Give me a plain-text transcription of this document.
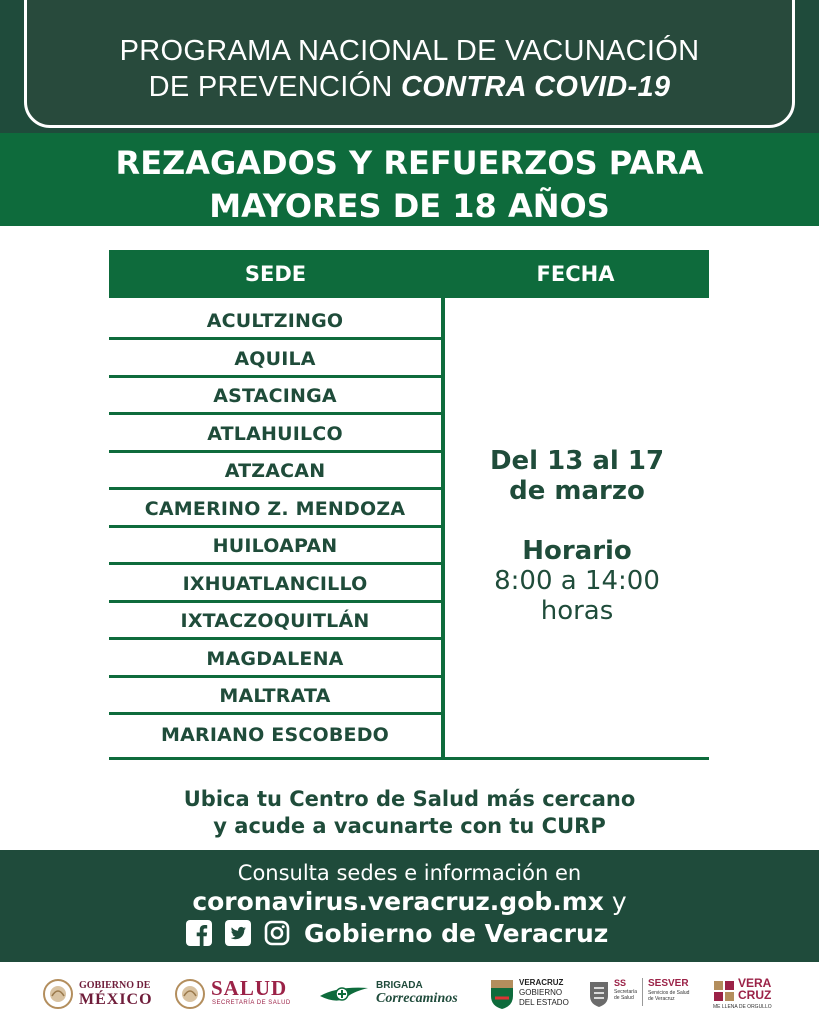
PROGRAMA NACIONAL DE VACUNACIÓN
DE PREVENCIÓN CONTRA COVID-19
REZAGADOS Y REFUERZOS PARA
MAYORES DE 18 AÑOS
SEDE	FECHA
ACULTZINGO
AQUILA
ASTACINGA
ATLAHUILCO
ATZACAN
CAMERINO Z. MENDOZA
HUILOAPAN
IXHUATLANCILLO
IXTACZOQUITLÁN
MAGDALENA
MALTRATA
MARIANO ESCOBEDO
Del 13 al 17
de marzo
Horario
8:00 a 14:00
horas
Ubica tu Centro de Salud más cercano
y acude a vacunarte con tu CURP
Consulta sedes e información en
coronavirus.veracruz.gob.mx y
Gobierno de Veracruz
GOBIERNO DE
MÉXICO	SALUD
SECRETARÍA DE SALUD
BRIGADA
Correcaminos
VERACRUZ
GOBIERNO
DEL ESTADO
SS
Secretaría
de Salud
SESVER
Servicios de Salud
de Veracruz
VERA
CRUZ
ME LLENA DE ORGULLO
